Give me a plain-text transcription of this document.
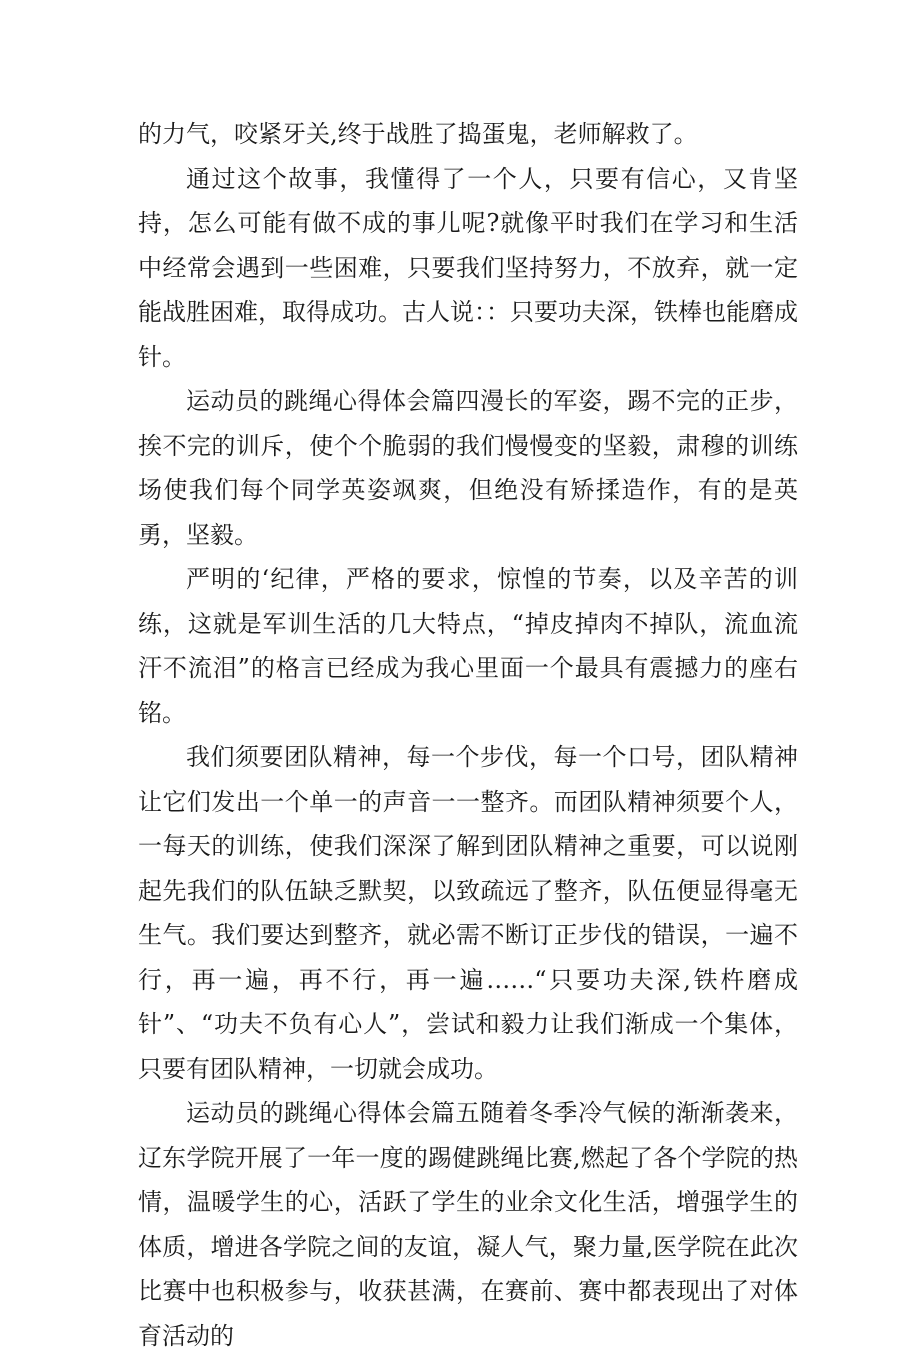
的力气，咬紧牙关,终于战胜了捣蛋鬼，老师解救了。

通过这个故事，我懂得了一个人，只要有信心，又肯坚持，怎么可能有做不成的事儿呢?就像平时我们在学习和生活中经常会遇到一些困难，只要我们坚持努力，不放弃，就一定能战胜困难，取得成功。古人说：：只要功夫深，铁棒也能磨成针。

运动员的跳绳心得体会篇四漫长的军姿，踢不完的正步，挨不完的训斥，使个个脆弱的我们慢慢变的坚毅，肃穆的训练场使我们每个同学英姿飒爽，但绝没有矫揉造作，有的是英勇，坚毅。

严明的‘纪律，严格的要求，惊惶的节奏，以及辛苦的训练，这就是军训生活的几大特点，“掉皮掉肉不掉队，流血流汗不流泪”的格言已经成为我心里面一个最具有震撼力的座右铭。

我们须要团队精神，每一个步伐，每一个口号，团队精神让它们发出一个单一的声音一一整齐。而团队精神须要个人，一每天的训练，使我们深深了解到团队精神之重要，可以说刚起先我们的队伍缺乏默契，以致疏远了整齐，队伍便显得毫无生气。我们要达到整齐，就必需不断订正步伐的错误，一遍不行，再一遍，再不行，再一遍……“只要功夫深,铁杵磨成针”、“功夫不负有心人”，尝试和毅力让我们渐成一个集体，只要有团队精神，一切就会成功。

运动员的跳绳心得体会篇五随着冬季冷气候的渐渐袭来，辽东学院开展了一年一度的踢健跳绳比赛,燃起了各个学院的热情，温暖学生的心，活跃了学生的业余文化生活，增强学生的体质，增进各学院之间的友谊，凝人气，聚力量,医学院在此次比赛中也积极参与，收获甚满，在赛前、赛中都表现出了对体育活动的
